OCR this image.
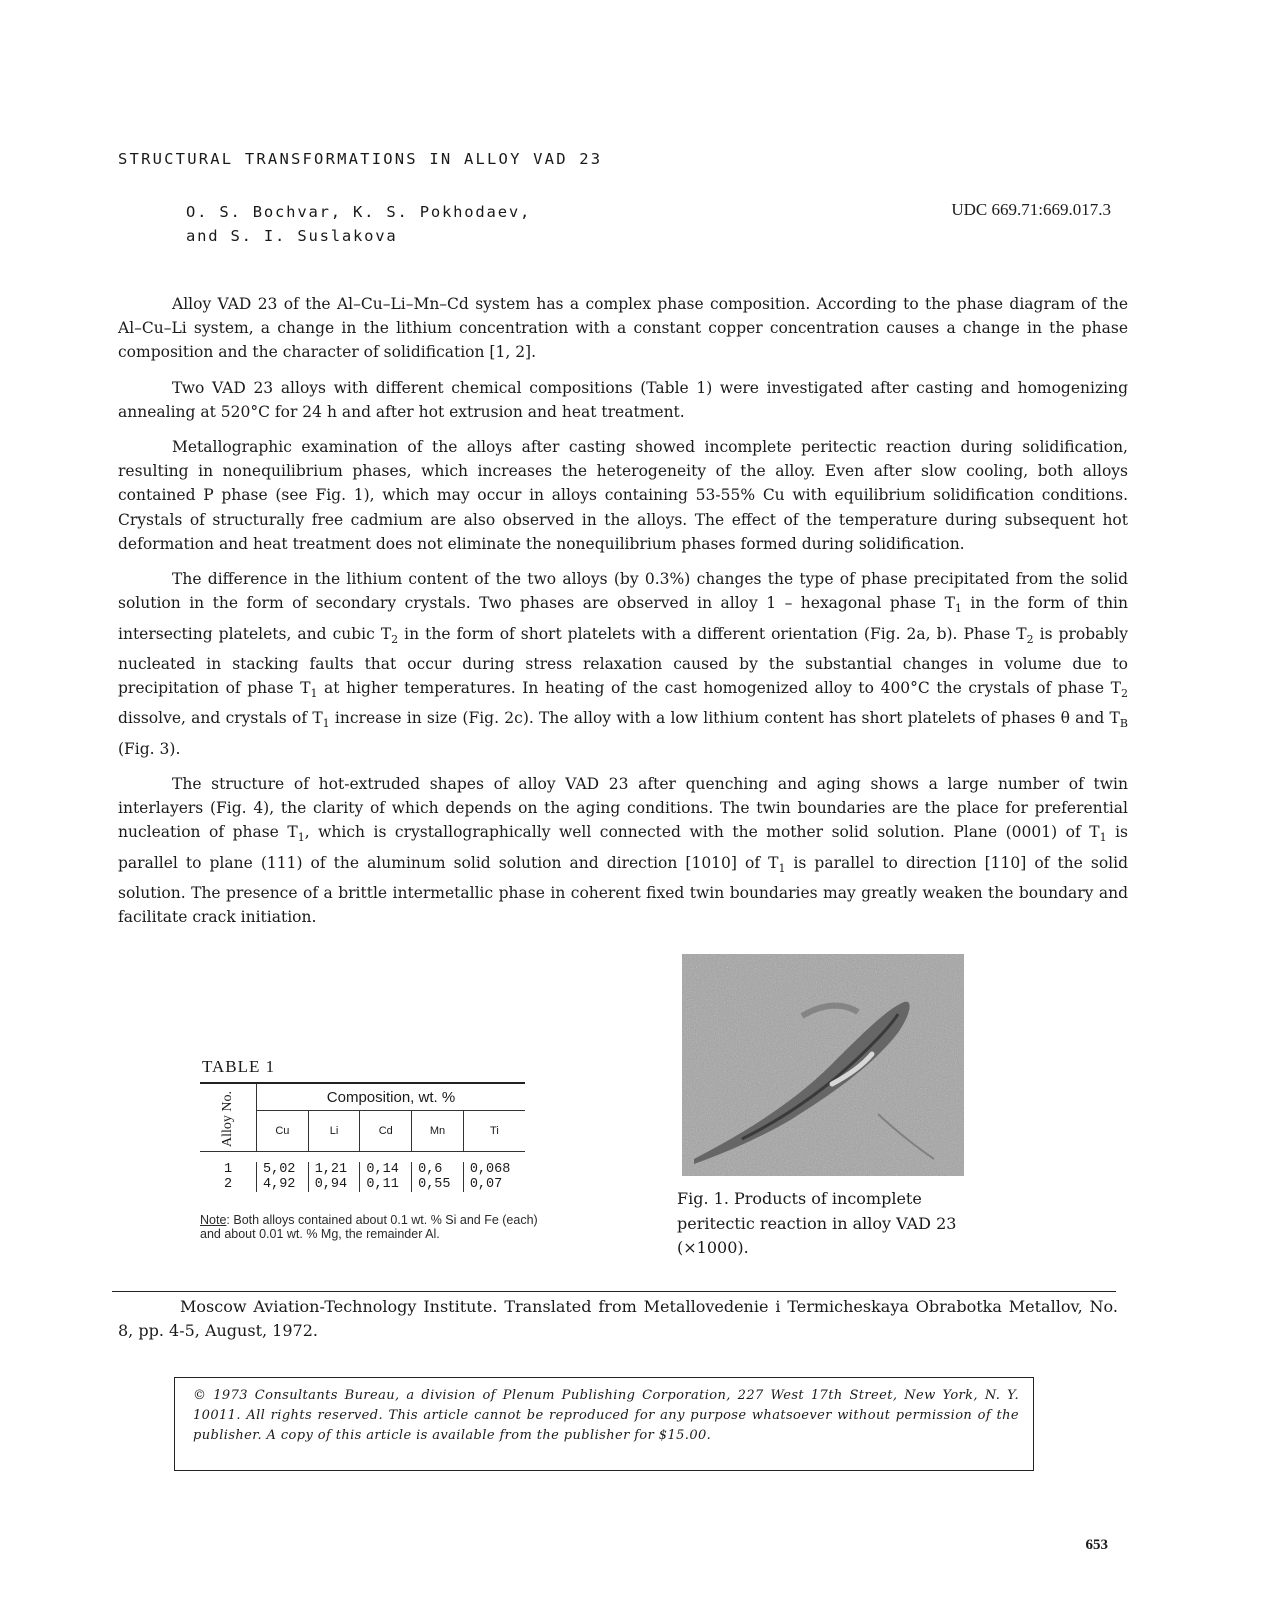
STRUCTURAL TRANSFORMATIONS IN ALLOY VAD 23
O. S. Bochvar, K. S. Pokhodaev,
and S. I. Suslakova
UDC 669.71:669.017.3

Alloy VAD 23 of the Al–Cu–Li–Mn–Cd system has a complex phase composition. According to the phase diagram of the Al–Cu–Li system, a change in the lithium concentration with a constant copper concentration causes a change in the phase composition and the character of solidification [1, 2].

Two VAD 23 alloys with different chemical compositions (Table 1) were investigated after casting and homogenizing annealing at 520°C for 24 h and after hot extrusion and heat treatment.

Metallographic examination of the alloys after casting showed incomplete peritectic reaction during solidification, resulting in nonequilibrium phases, which increases the heterogeneity of the alloy. Even after slow cooling, both alloys contained P phase (see Fig. 1), which may occur in alloys containing 53-55% Cu with equilibrium solidification conditions. Crystals of structurally free cadmium are also observed in the alloys. The effect of the temperature during subsequent hot deformation and heat treatment does not eliminate the nonequilibrium phases formed during solidification.

The difference in the lithium content of the two alloys (by 0.3%) changes the type of phase precipitated from the solid solution in the form of secondary crystals. Two phases are observed in alloy 1 – hexagonal phase $T_1$ in the form of thin intersecting platelets, and cubic $T_2$ in the form of short platelets with a different orientation (Fig. 2a, b). Phase $T_2$ is probably nucleated in stacking faults that occur during stress relaxation caused by the substantial changes in volume due to precipitation of phase $T_1$ at higher temperatures. In heating of the cast homogenized alloy to 400°C the crystals of phase $T_2$ dissolve, and crystals of $T_1$ increase in size (Fig. 2c). The alloy with a low lithium content has short platelets of phases θ and $T_B$ (Fig. 3).

The structure of hot-extruded shapes of alloy VAD 23 after quenching and aging shows a large number of twin interlayers (Fig. 4), the clarity of which depends on the aging conditions. The twin boundaries are the place for preferential nucleation of phase $T_1$, which is crystallographically well connected with the mother solid solution. Plane (0001) of $T_1$ is parallel to plane (111) of the aluminum solid solution and direction [1010] of $T_1$ is parallel to direction [110] of the solid solution. The presence of a brittle intermetallic phase in coherent fixed twin boundaries may greatly weaken the boundary and facilitate crack initiation.

TABLE 1

Alloy No.	Composition, wt. %				
	Cu	Li	Cd	Mn	Ti

1	5,02	1,21	0,14	0,6	0,068
2	4,92	0,94	0,11	0,55	0,07
Note: Both alloys contained about 0.1 wt. % Si and Fe (each) and about 0.01 wt. % Mg, the remainder Al.
Fig. 1. Products of incomplete peritectic reaction in alloy VAD 23 (×1000).

Moscow Aviation-Technology Institute. Translated from Metallovedenie i Termicheskaya Obrabotka Metallov, No. 8, pp. 4-5, August, 1972.

© 1973 Consultants Bureau, a division of Plenum Publishing Corporation, 227 West 17th Street, New York, N. Y. 10011. All rights reserved. This article cannot be reproduced for any purpose whatsoever without permission of the publisher. A copy of this article is available from the publisher for $15.00.
653
